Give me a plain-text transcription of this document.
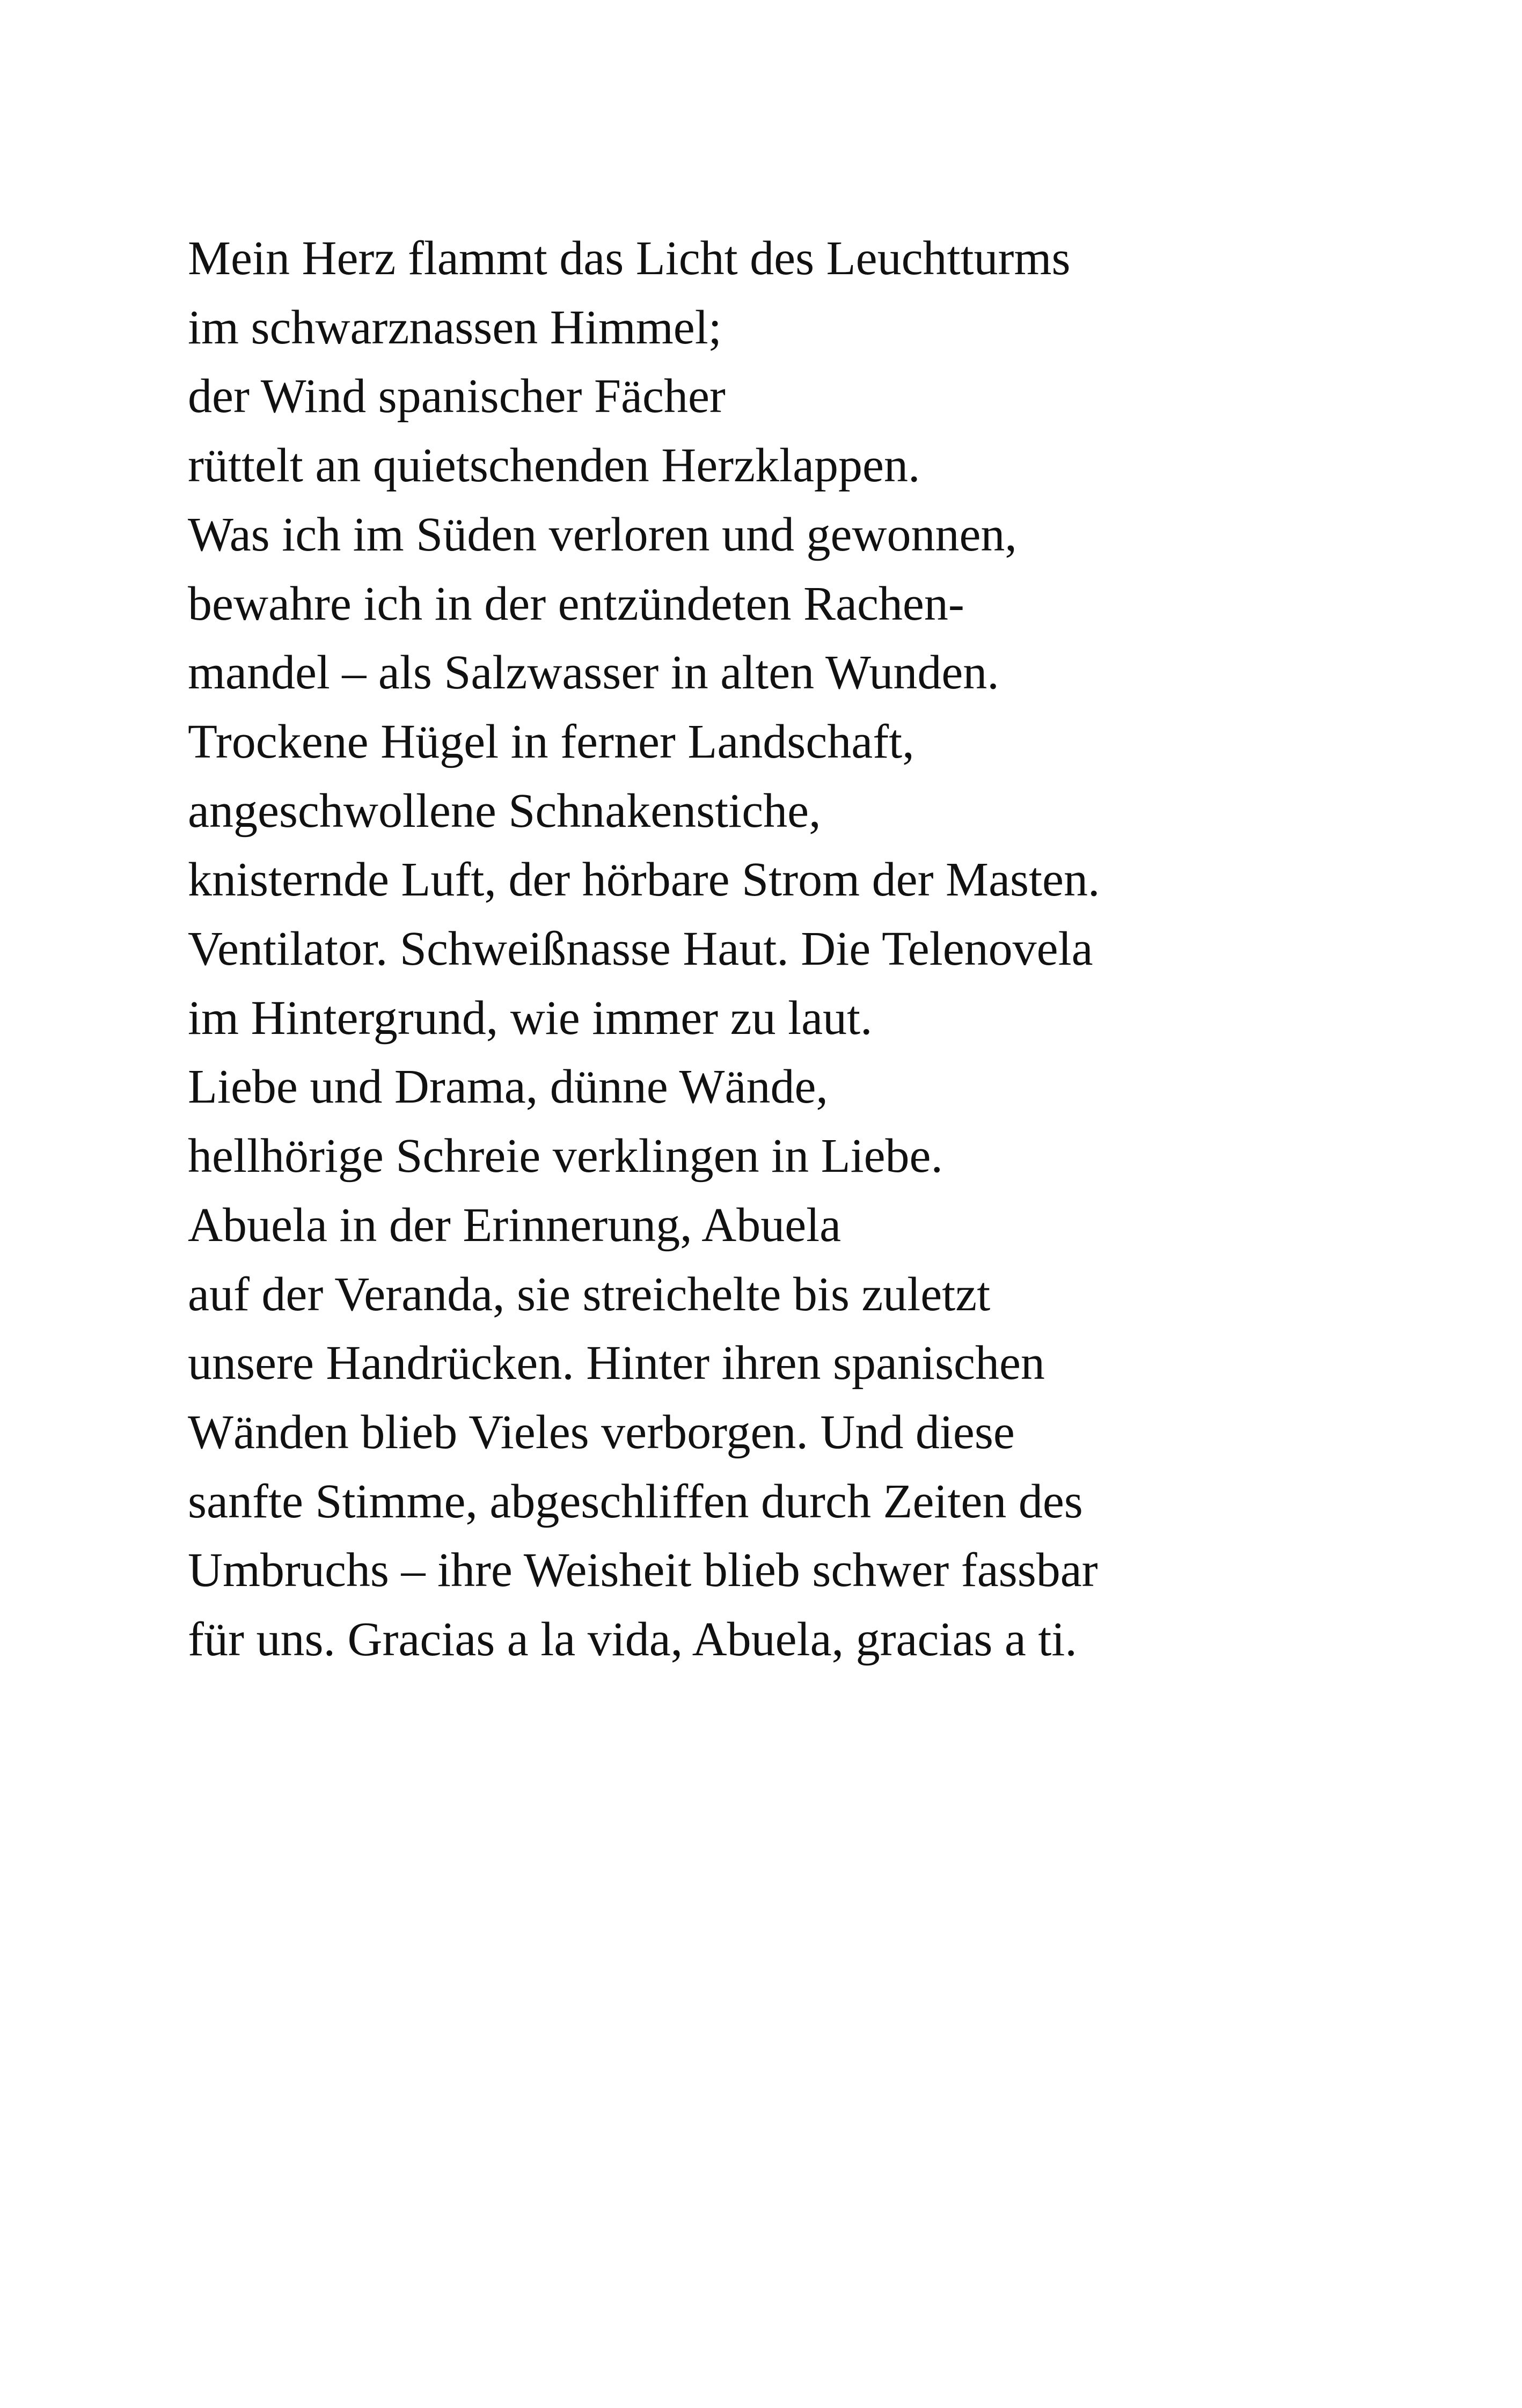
Mein Herz flammt das Licht des Leuchtturms
im schwarznassen Himmel;
der Wind spanischer Fächer
rüttelt an quietschenden Herzklappen.
Was ich im Süden verloren und gewonnen,
bewahre ich in der entzündeten Rachen-
mandel – als Salzwasser in alten Wunden.
Trockene Hügel in ferner Landschaft,
angeschwollene Schnakenstiche,
knisternde Luft, der hörbare Strom der Masten.
Ventilator. Schweißnasse Haut. Die Telenovela
im Hintergrund, wie immer zu laut.
Liebe und Drama, dünne Wände,
hellhörige Schreie verklingen in Liebe.
Abuela in der Erinnerung, Abuela
auf der Veranda, sie streichelte bis zuletzt
unsere Handrücken. Hinter ihren spanischen
Wänden blieb Vieles verborgen. Und diese
sanfte Stimme, abgeschliffen durch Zeiten des
Umbruchs – ihre Weisheit blieb schwer fassbar
für uns. Gracias a la vida, Abuela, gracias a ti.
